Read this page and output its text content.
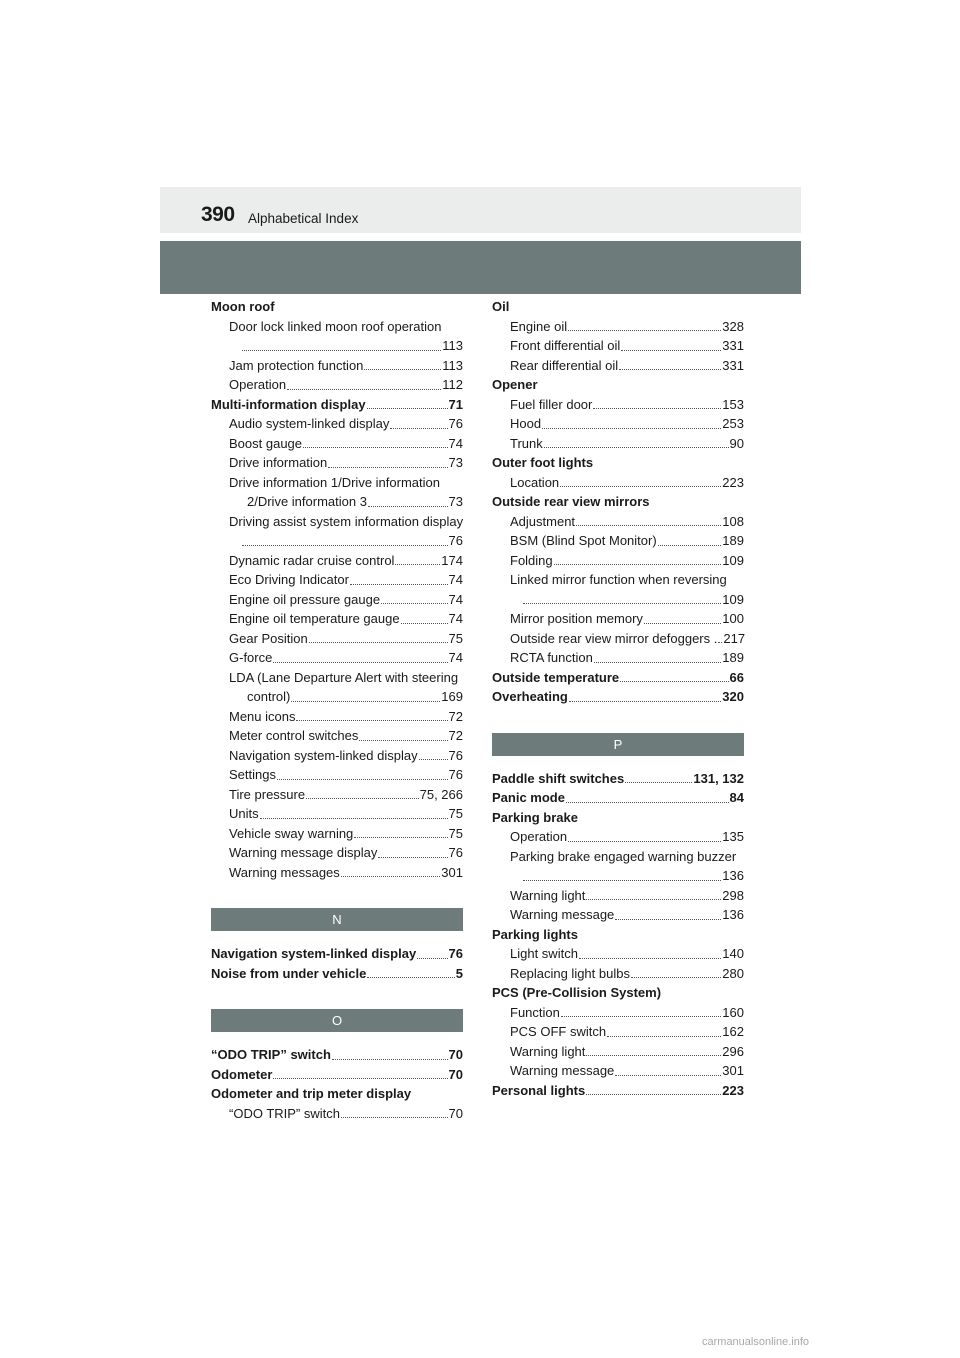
390 Alphabetical Index
Moon roof
Door lock linked moon roof operation
113
Jam protection function	113
Operation	112
Multi-information display	71
Audio system-linked display	76
Boost gauge	74
Drive information	73
Drive information 1/Drive information
2/Drive information 3	73
Driving assist system information display
76
Dynamic radar cruise control	174
Eco Driving Indicator	74
Engine oil pressure gauge	74
Engine oil temperature gauge	74
Gear Position	75
G-force	74
LDA (Lane Departure Alert with steering
control)	169
Menu icons	72
Meter control switches	72
Navigation system-linked display 76
Settings	76
Tire pressure	75, 266
Units	75
Vehicle sway warning	75
Warning message display	76
Warning messages	301
N
Navigation system-linked display 76
Noise from under vehicle	5
O
“ODO TRIP” switch	70
Odometer	70
Odometer and trip meter display
“ODO TRIP” switch	70
Oil
Engine oil	328
Front differential oil	331
Rear differential oil	331
Opener
Fuel filler door	153
Hood	253
Trunk	90
Outer foot lights
Location	223
Outside rear view mirrors
Adjustment	108
BSM (Blind Spot Monitor)	189
Folding	109
Linked mirror function when reversing
109
Mirror position memory	100
Outside rear view mirror defoggers . 217
RCTA function	189
Outside temperature	66
Overheating	320
P
Paddle shift switches	131, 132
Panic mode	84
Parking brake
Operation	135
Parking brake engaged warning buzzer
136
Warning light	298
Warning message	136
Parking lights
Light switch	140
Replacing light bulbs	280
PCS (Pre-Collision System)
Function	160
PCS OFF switch	162
Warning light	296
Warning message	301
Personal lights	223
carmanualsonline.info
